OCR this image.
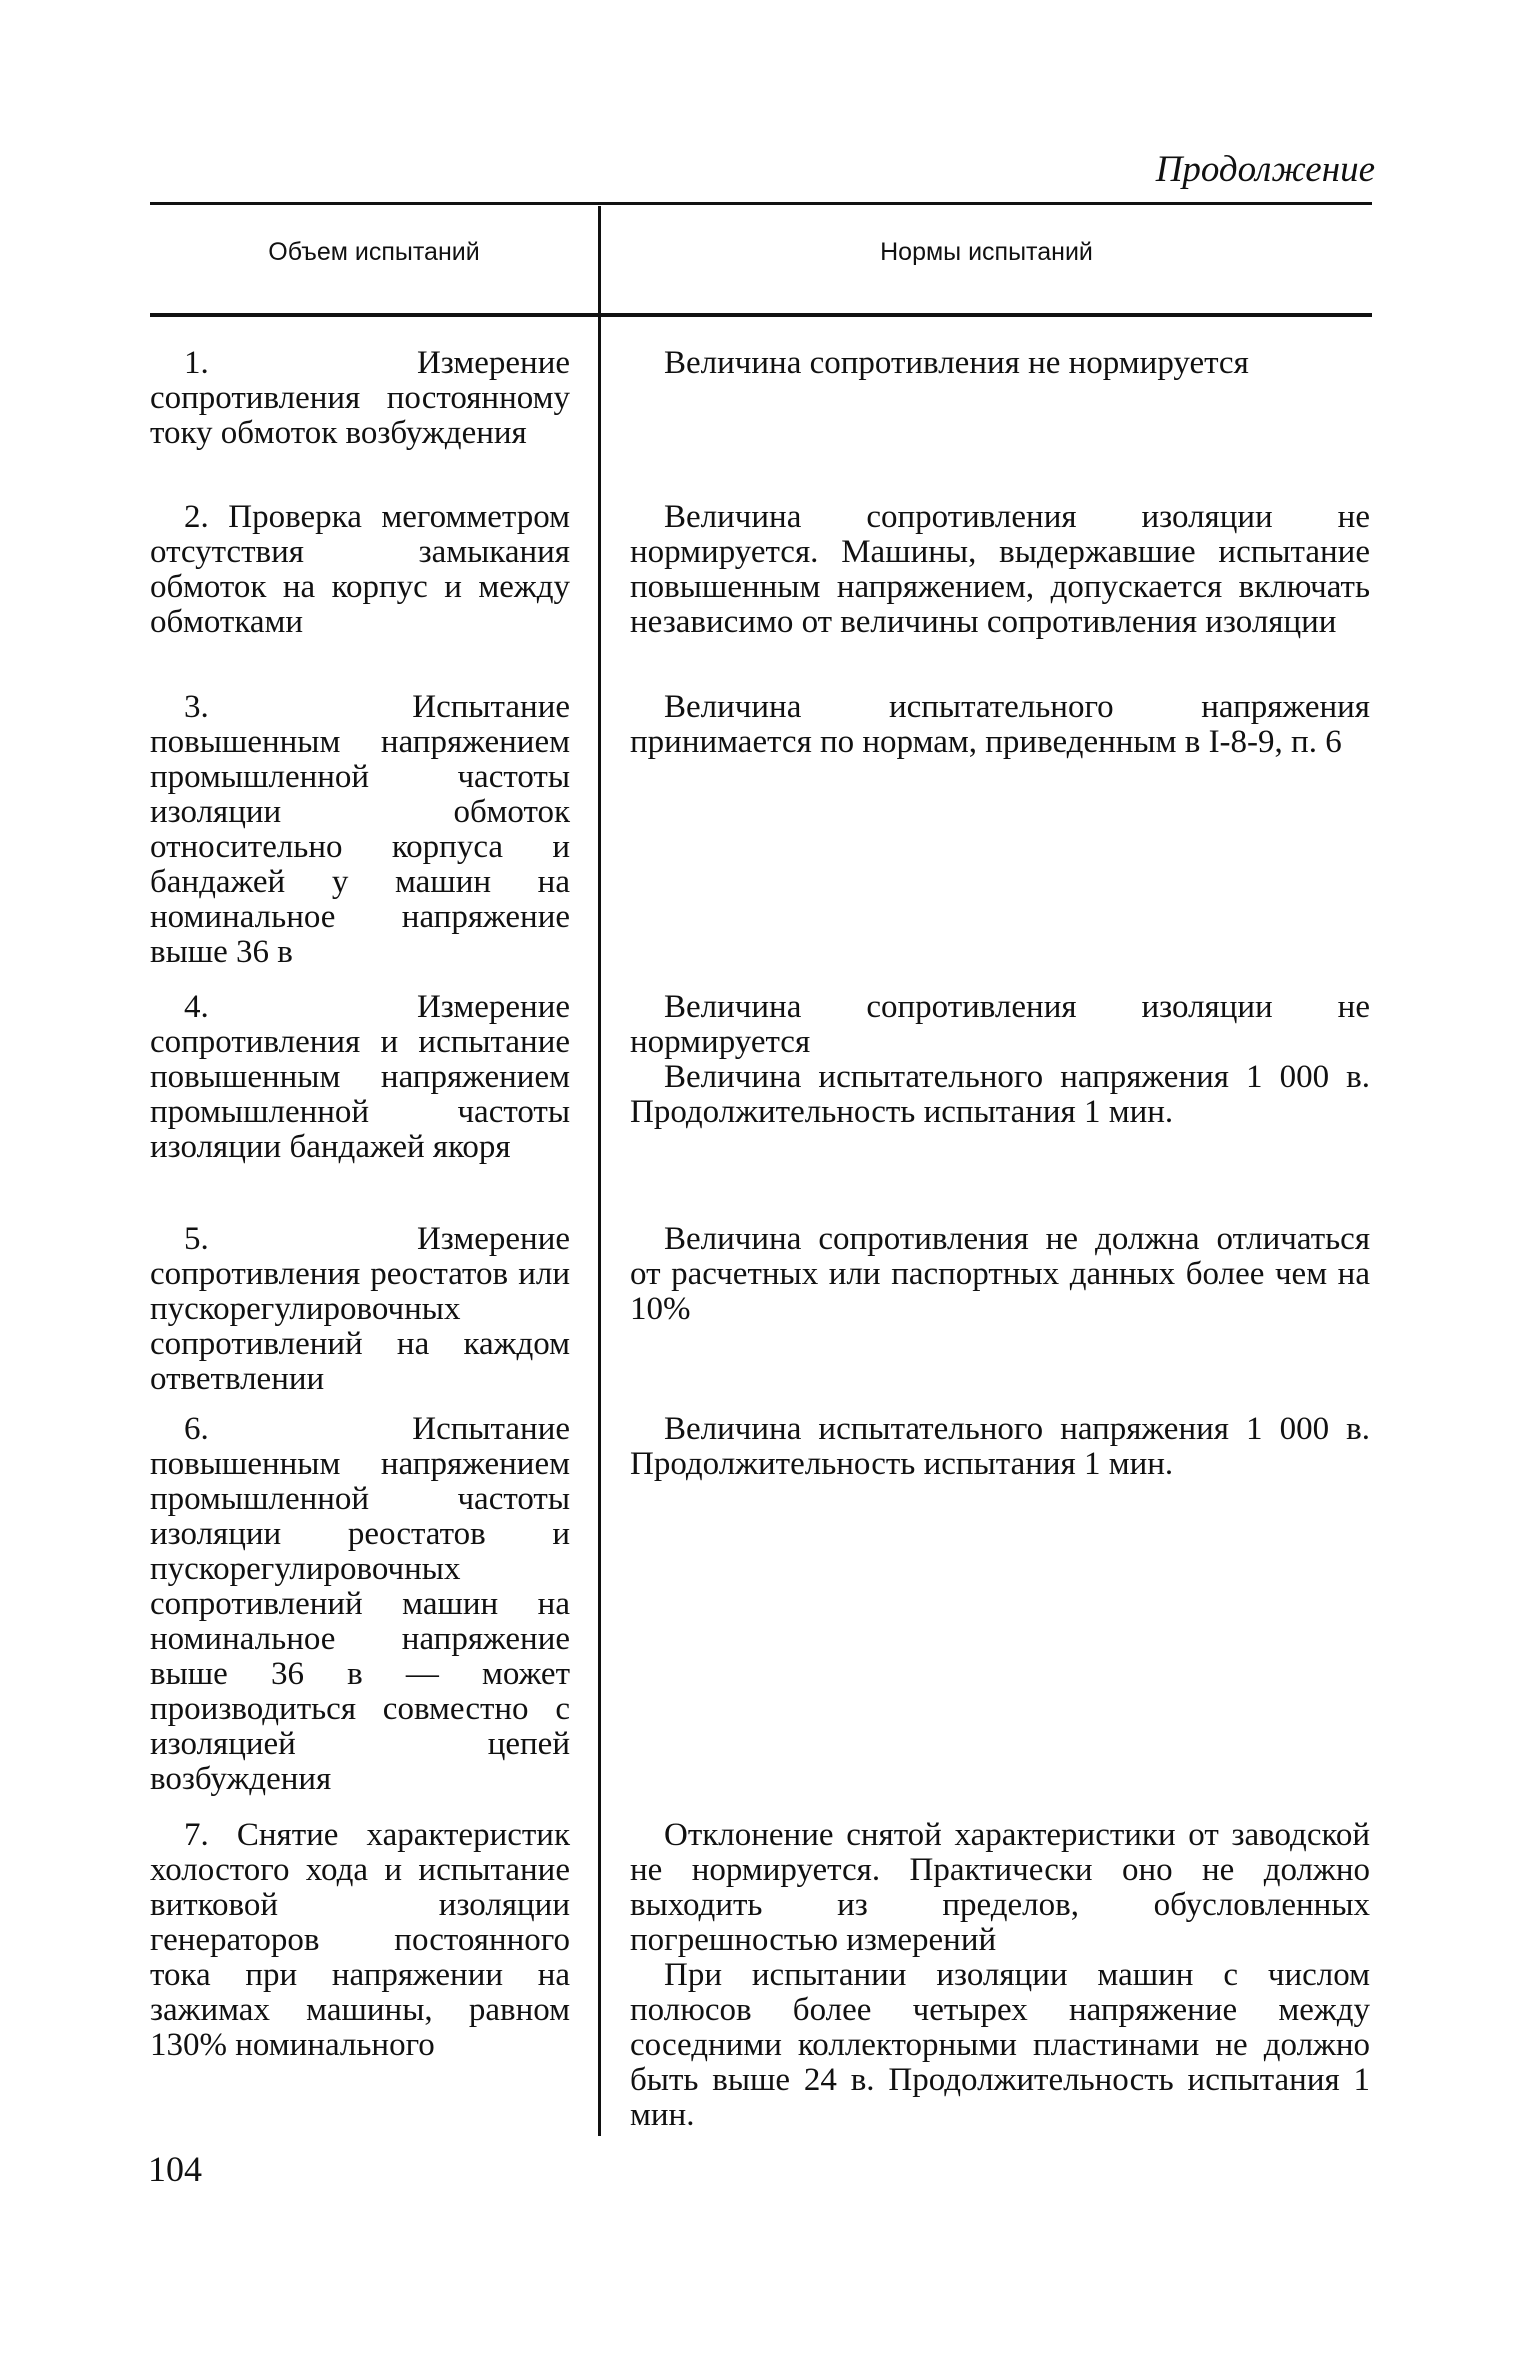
Продолжение
Объем испытаний	Нормы испытаний
1. Измерение сопротивления постоянному току обмоток возбуждения
Величина сопротивления не нормируется
2. Проверка мегомметром отсутствия замыкания обмоток на корпус и между обмотками
Величина сопротивления изоляции не нормируется. Машины, выдержавшие испытание повышенным напряжением, допускается включать независимо от величины сопротивления изоляции
3. Испытание повышенным напряжением промышленной частоты изоляции обмоток относительно корпуса и бандажей у машин на номинальное напряжение выше 36 в
Величина испытательного напряжения принимается по нормам, приведенным в I-8-9, п. 6
4. Измерение сопротивления и испытание повышенным напряжением промышленной частоты изоляции бандажей якоря
Величина сопротивления изоляции не нормируется
Величина испытательного напряжения 1 000 в. Продолжительность испытания 1 мин.
5. Измерение сопротивления реостатов или пускорегулировочных сопротивлений на каждом ответвлении
Величина сопротивления не должна отличаться от расчетных или паспортных данных более чем на 10%
6. Испытание повышенным напряжением промышленной частоты изоляции реостатов и пускорегулировочных сопротивлений машин на номинальное напряжение выше 36 в — может производиться совместно с изоляцией цепей возбуждения
Величина испытательного напряжения 1 000 в. Продолжительность испытания 1 мин.
7. Снятие характеристик холостого хода и испытание витковой изоляции генераторов постоянного тока при напряжении на зажимах машины, равном 130% номинального
Отклонение снятой характеристики от заводской не нормируется. Практически оно не должно выходить из пределов, обусловленных погрешностью измерений
При испытании изоляции машин с числом полюсов более четырех напряжение между соседними коллекторными пластинами не должно быть выше 24 в. Продолжительность испытания 1 мин.
104
